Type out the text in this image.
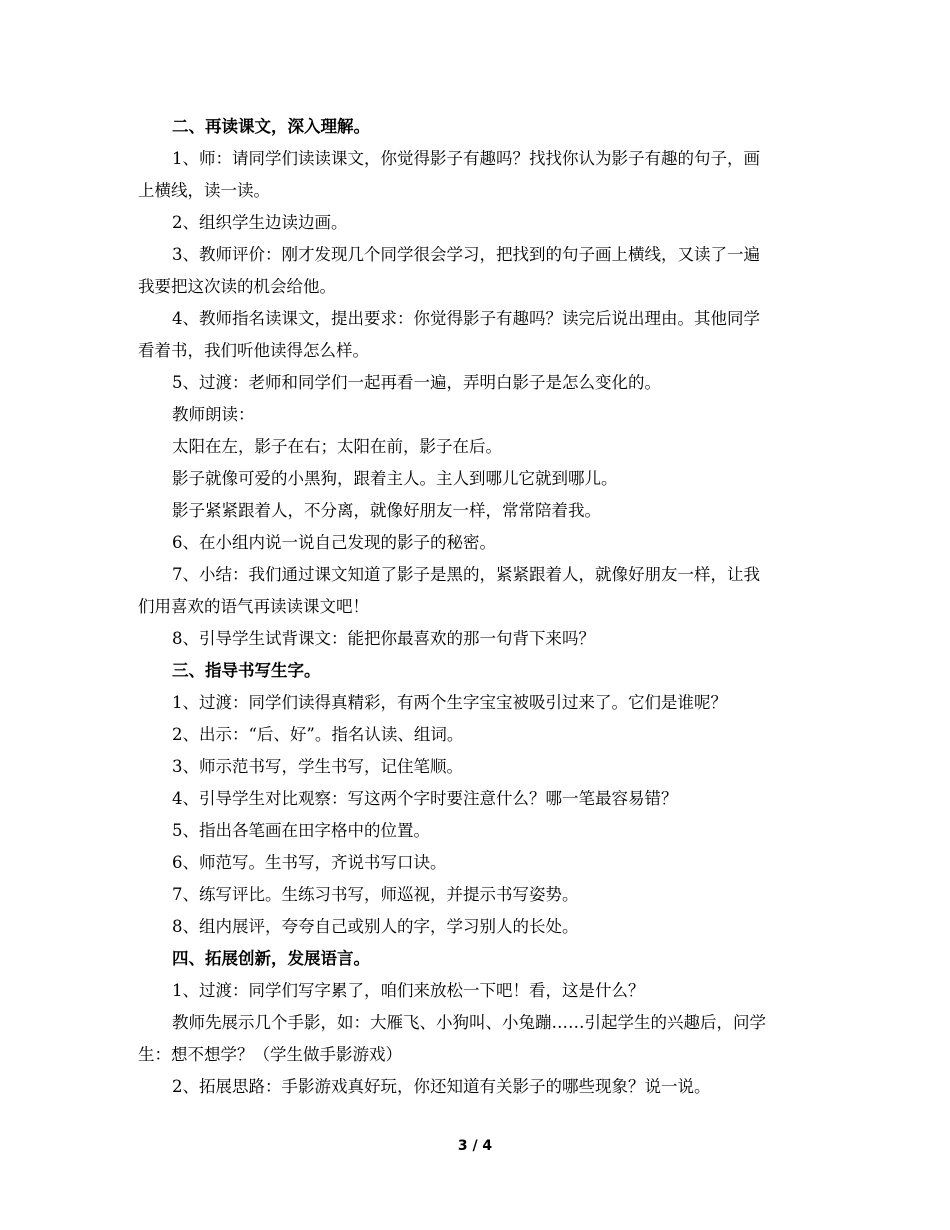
二、再读课文，深入理解。
1、师：请同学们读读课文，你觉得影子有趣吗？找找你认为影子有趣的句子，画
上横线，读一读。
2、组织学生边读边画。
3、教师评价：刚才发现几个同学很会学习，把找到的句子画上横线，又读了一遍
我要把这次读的机会给他。
4、教师指名读课文，提出要求：你觉得影子有趣吗？读完后说出理由。其他同学
看着书，我们听他读得怎么样。
5、过渡：老师和同学们一起再看一遍，弄明白影子是怎么变化的。
教师朗读：
太阳在左，影子在右；太阳在前，影子在后。
影子就像可爱的小黑狗，跟着主人。主人到哪儿它就到哪儿。
影子紧紧跟着人，不分离，就像好朋友一样，常常陪着我。
6、在小组内说一说自己发现的影子的秘密。
7、小结：我们通过课文知道了影子是黑的，紧紧跟着人，就像好朋友一样，让我
们用喜欢的语气再读读课文吧！
8、引导学生试背课文：能把你最喜欢的那一句背下来吗？
三、指导书写生字。
1、过渡：同学们读得真精彩，有两个生字宝宝被吸引过来了。它们是谁呢？
2、出示：“后、好”。指名认读、组词。
3、师示范书写，学生书写，记住笔顺。
4、引导学生对比观察：写这两个字时要注意什么？哪一笔最容易错？
5、指出各笔画在田字格中的位置。
6、师范写。生书写，齐说书写口诀。
7、练写评比。生练习书写，师巡视，并提示书写姿势。
8、组内展评，夸夸自己或别人的字，学习别人的长处。
四、拓展创新，发展语言。
1、过渡：同学们写字累了，咱们来放松一下吧！看，这是什么？
教师先展示几个手影，如：大雁飞、小狗叫、小兔蹦……引起学生的兴趣后，问学
生：想不想学？（学生做手影游戏）
2、拓展思路：手影游戏真好玩，你还知道有关影子的哪些现象？说一说。
3 / 4
